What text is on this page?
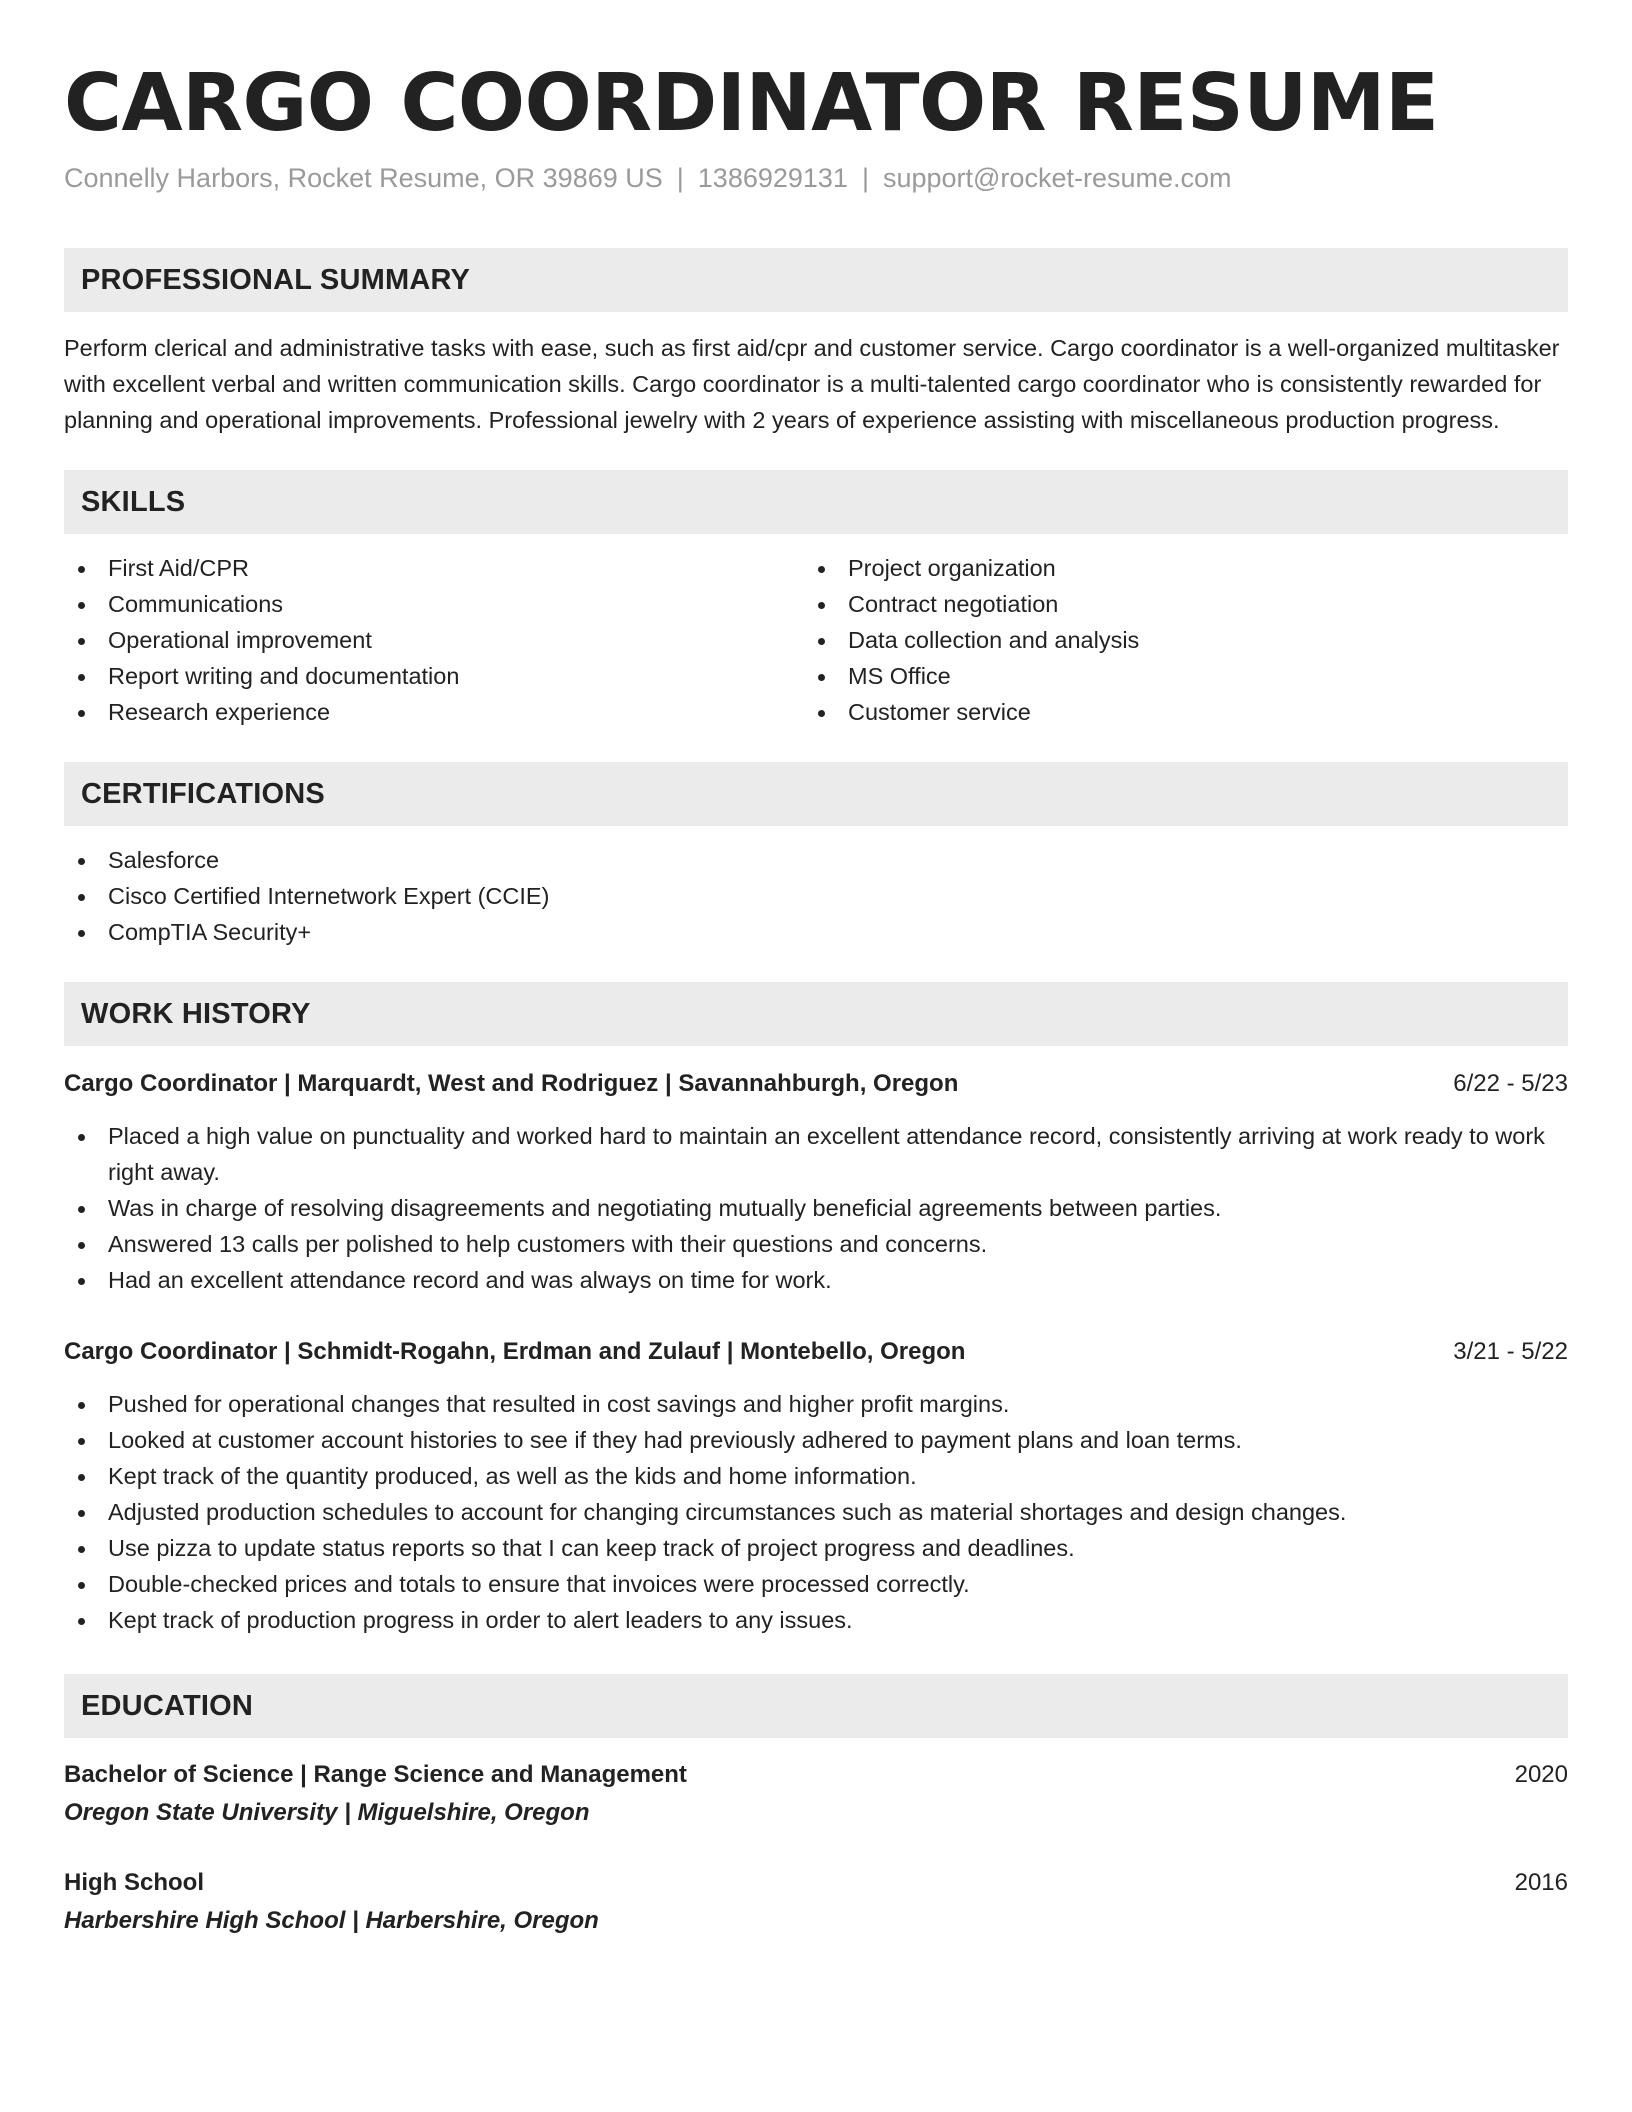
CARGO COORDINATOR RESUME
Connelly Harbors, Rocket Resume, OR 39869 US | 1386929131 | support@rocket-resume.com
PROFESSIONAL SUMMARY
Perform clerical and administrative tasks with ease, such as first aid/cpr and customer service. Cargo coordinator is a well-organized multitasker with excellent verbal and written communication skills. Cargo coordinator is a multi-talented cargo coordinator who is consistently rewarded for planning and operational improvements. Professional jewelry with 2 years of experience assisting with miscellaneous production progress.
SKILLS
First Aid/CPR
Communications
Operational improvement
Report writing and documentation
Research experience
Project organization
Contract negotiation
Data collection and analysis
MS Office
Customer service
CERTIFICATIONS
Salesforce
Cisco Certified Internetwork Expert (CCIE)
CompTIA Security+
WORK HISTORY
Cargo Coordinator | Marquardt, West and Rodriguez | Savannahburgh, Oregon	6/22 - 5/23
Placed a high value on punctuality and worked hard to maintain an excellent attendance record, consistently arriving at work ready to work right away.
Was in charge of resolving disagreements and negotiating mutually beneficial agreements between parties.
Answered 13 calls per polished to help customers with their questions and concerns.
Had an excellent attendance record and was always on time for work.
Cargo Coordinator | Schmidt-Rogahn, Erdman and Zulauf | Montebello, Oregon	3/21 - 5/22
Pushed for operational changes that resulted in cost savings and higher profit margins.
Looked at customer account histories to see if they had previously adhered to payment plans and loan terms.
Kept track of the quantity produced, as well as the kids and home information.
Adjusted production schedules to account for changing circumstances such as material shortages and design changes.
Use pizza to update status reports so that I can keep track of project progress and deadlines.
Double-checked prices and totals to ensure that invoices were processed correctly.
Kept track of production progress in order to alert leaders to any issues.
EDUCATION
Bachelor of Science | Range Science and Management	2020
Oregon State University | Miguelshire, Oregon
High School	2016
Harbershire High School | Harbershire, Oregon
